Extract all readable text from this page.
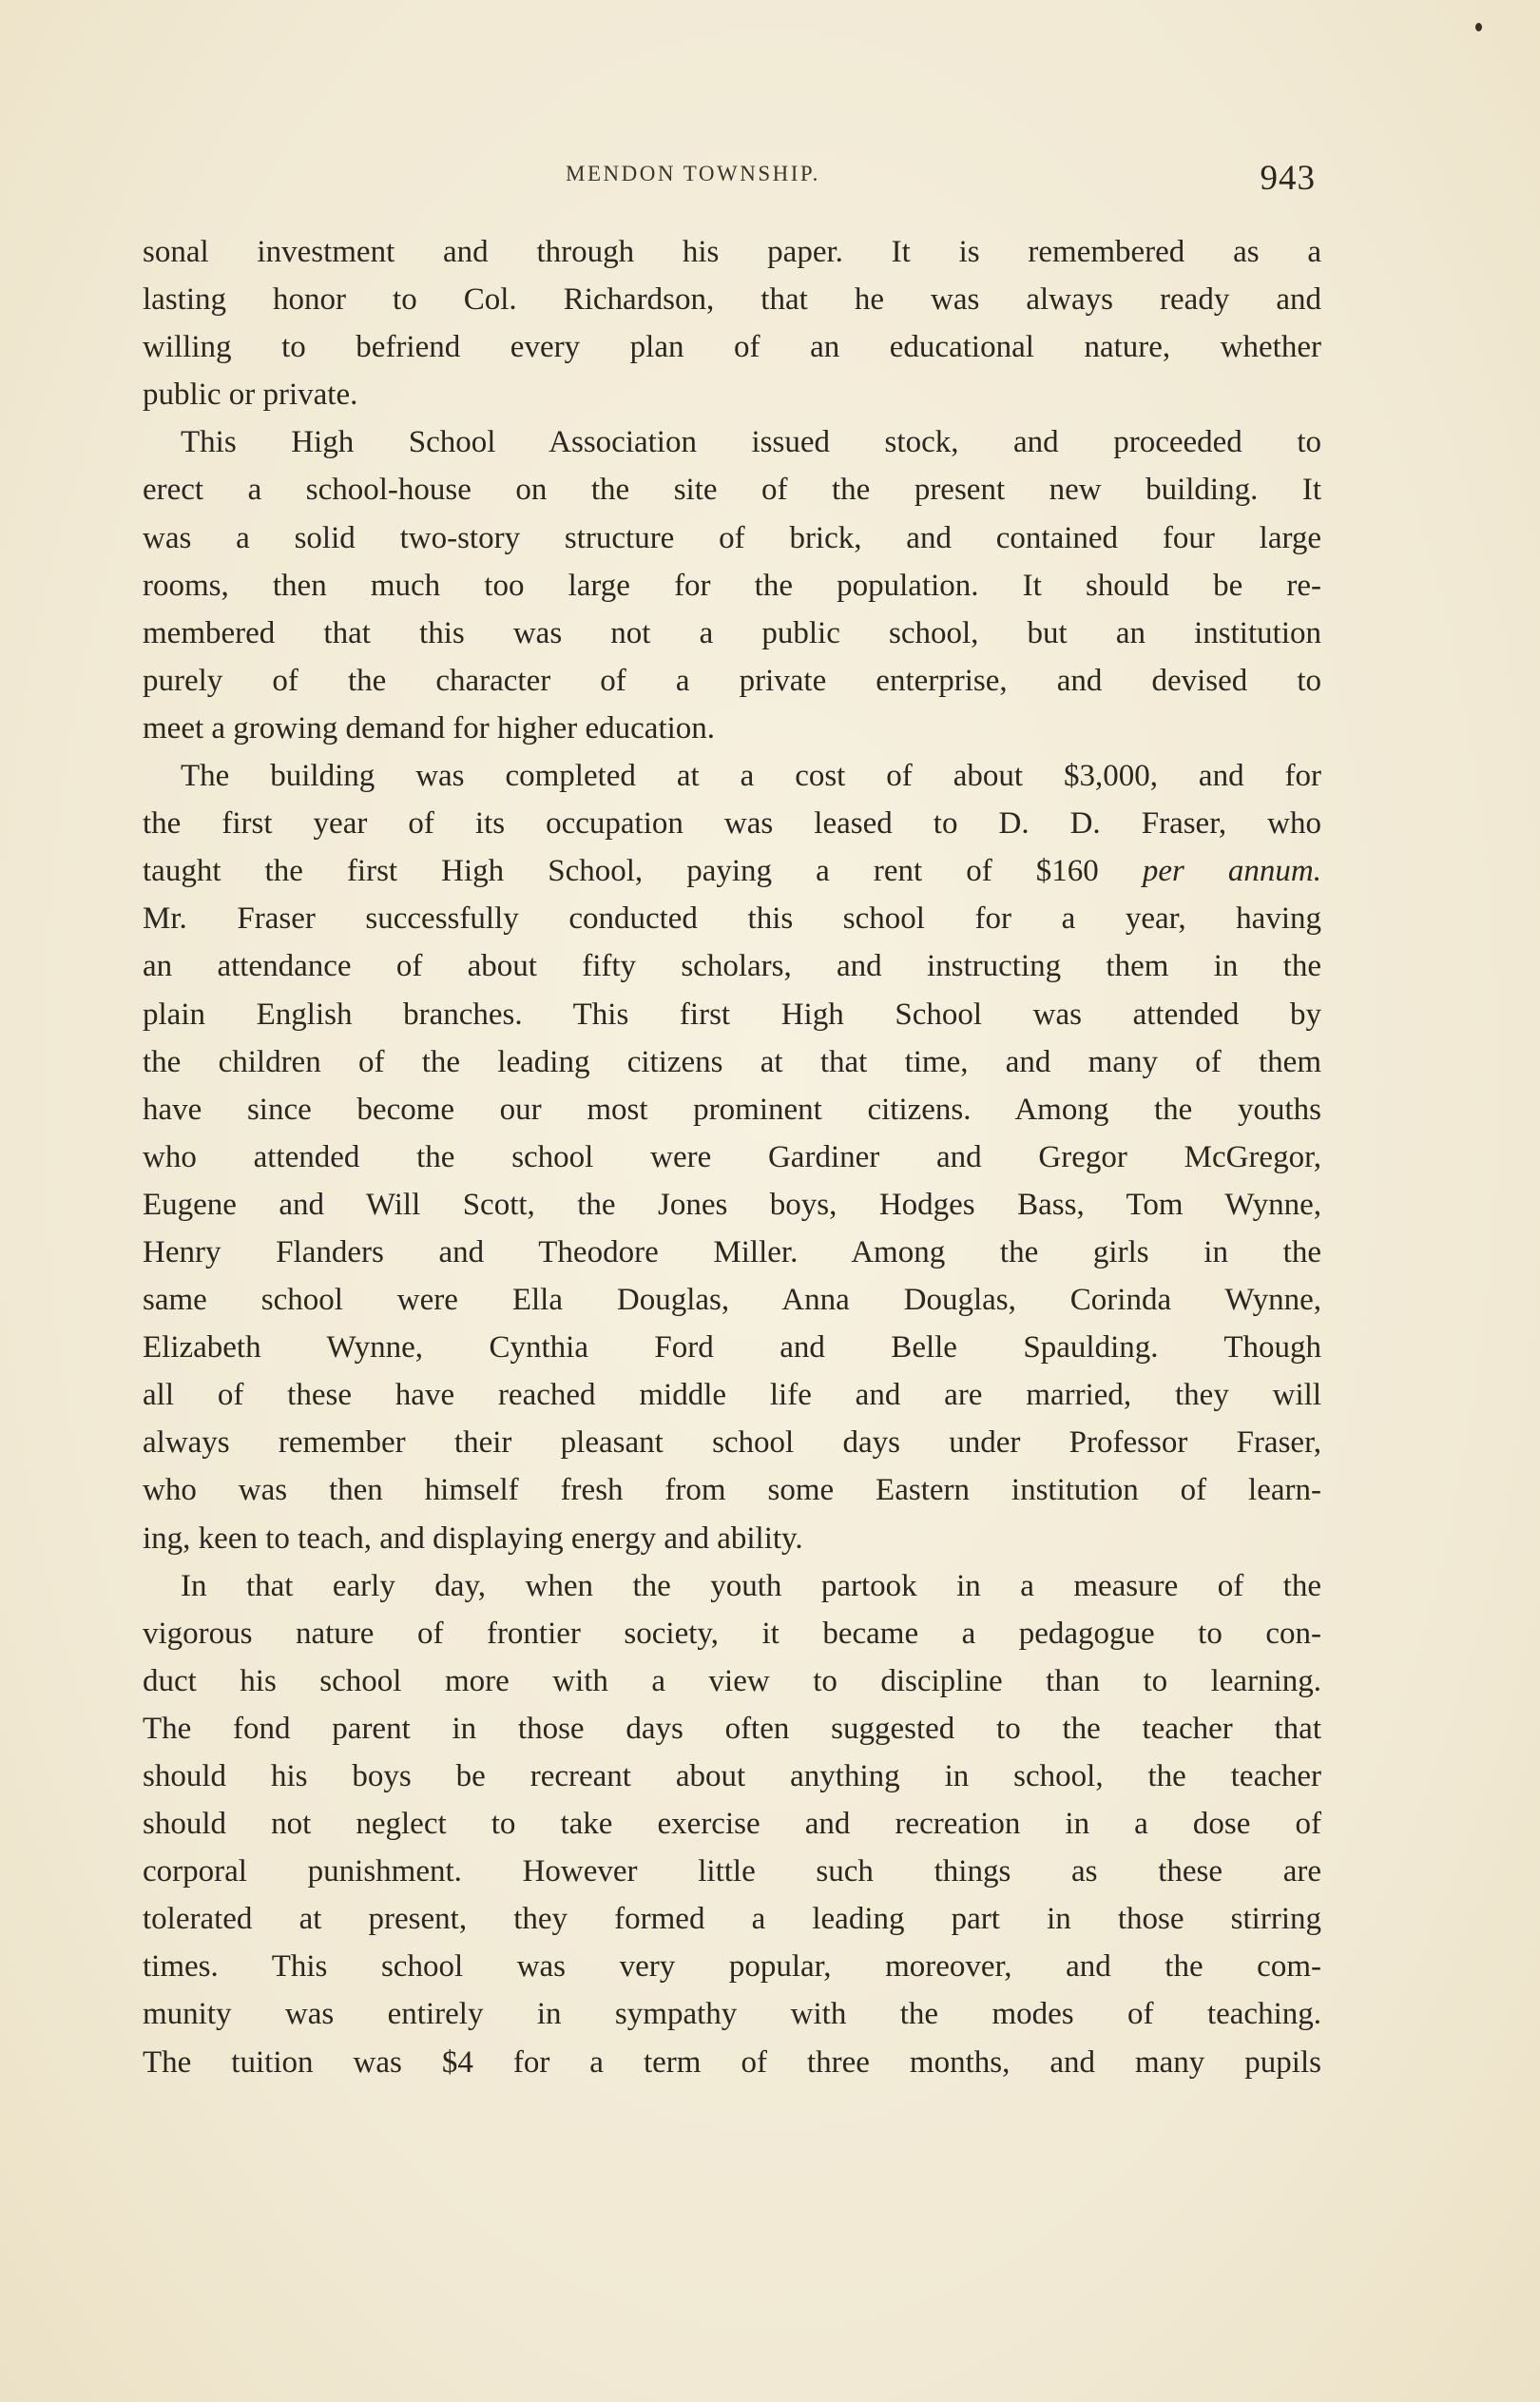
MENDON TOWNSHIP.	943
sonal investment and through his paper. It is remembered as a
lasting honor to Col. Richardson, that he was always ready and
willing to befriend every plan of an educational nature, whether
public or private.
This High School Association issued stock, and proceeded to
erect a school-house on the site of the present new building. It
was a solid two-story structure of brick, and contained four large
rooms, then much too large for the population. It should be re-
membered that this was not a public school, but an institution
purely of the character of a private enterprise, and devised to
meet a growing demand for higher education.
The building was completed at a cost of about $3,000, and for
the first year of its occupation was leased to D. D. Fraser, who
taught the first High School, paying a rent of $160 per annum.
Mr. Fraser successfully conducted this school for a year, having
an attendance of about fifty scholars, and instructing them in the
plain English branches. This first High School was attended by
the children of the leading citizens at that time, and many of them
have since become our most prominent citizens. Among the youths
who attended the school were Gardiner and Gregor McGregor,
Eugene and Will Scott, the Jones boys, Hodges Bass, Tom Wynne,
Henry Flanders and Theodore Miller. Among the girls in the
same school were Ella Douglas, Anna Douglas, Corinda Wynne,
Elizabeth Wynne, Cynthia Ford and Belle Spaulding. Though
all of these have reached middle life and are married, they will
always remember their pleasant school days under Professor Fraser,
who was then himself fresh from some Eastern institution of learn-
ing, keen to teach, and displaying energy and ability.
In that early day, when the youth partook in a measure of the
vigorous nature of frontier society, it became a pedagogue to con-
duct his school more with a view to discipline than to learning.
The fond parent in those days often suggested to the teacher that
should his boys be recreant about anything in school, the teacher
should not neglect to take exercise and recreation in a dose of
corporal punishment. However little such things as these are
tolerated at present, they formed a leading part in those stirring
times. This school was very popular, moreover, and the com-
munity was entirely in sympathy with the modes of teaching.
The tuition was $4 for a term of three months, and many pupils
